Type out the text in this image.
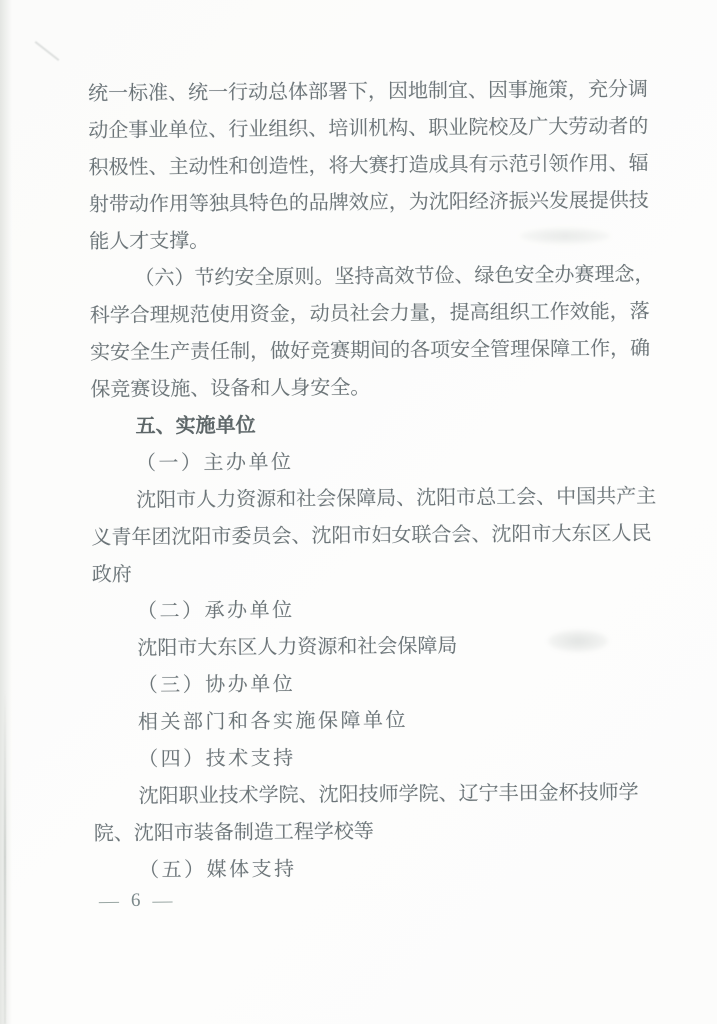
统一标准、统一行动总体部署下，因地制宜、因事施策，充分调
动企事业单位、行业组织、培训机构、职业院校及广大劳动者的
积极性、主动性和创造性，将大赛打造成具有示范引领作用、辐
射带动作用等独具特色的品牌效应，为沈阳经济振兴发展提供技
能人才支撑。
（六）节约安全原则。坚持高效节俭、绿色安全办赛理念，
科学合理规范使用资金，动员社会力量，提高组织工作效能，落
实安全生产责任制，做好竞赛期间的各项安全管理保障工作，确
保竞赛设施、设备和人身安全。
五、实施单位
（一）主办单位
沈阳市人力资源和社会保障局、沈阳市总工会、中国共产主
义青年团沈阳市委员会、沈阳市妇女联合会、沈阳市大东区人民
政府
（二）承办单位
沈阳市大东区人力资源和社会保障局
（三）协办单位
相关部门和各实施保障单位
（四）技术支持
沈阳职业技术学院、沈阳技师学院、辽宁丰田金杯技师学
院、沈阳市装备制造工程学校等
（五）媒体支持
— 6 —
